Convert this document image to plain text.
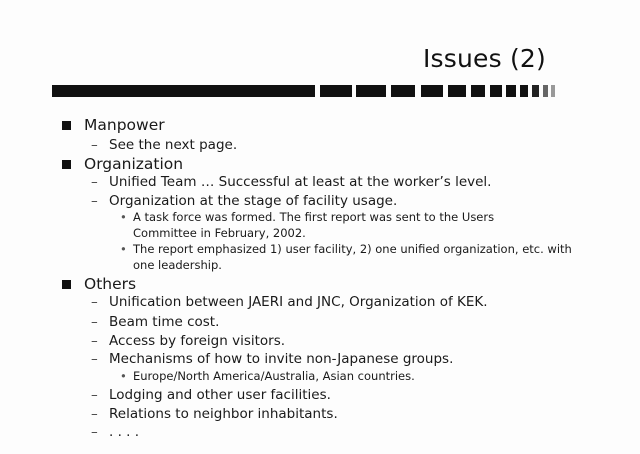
Issues (2)
Manpower
– See the next page.
Organization
– Unified Team … Successful at least at the worker’s level.
– Organization at the stage of facility usage.
• A task force was formed. The first report was sent to the Users Committee in February, 2002.
• The report emphasized 1) user facility, 2) one unified organization, etc. with one leadership.
Others
– Unification between JAERI and JNC, Organization of KEK.
– Beam time cost.
– Access by foreign visitors.
– Mechanisms of how to invite non-Japanese groups.
• Europe/North America/Australia, Asian countries.
– Lodging and other user facilities.
– Relations to neighbor inhabitants.
– . . . .
